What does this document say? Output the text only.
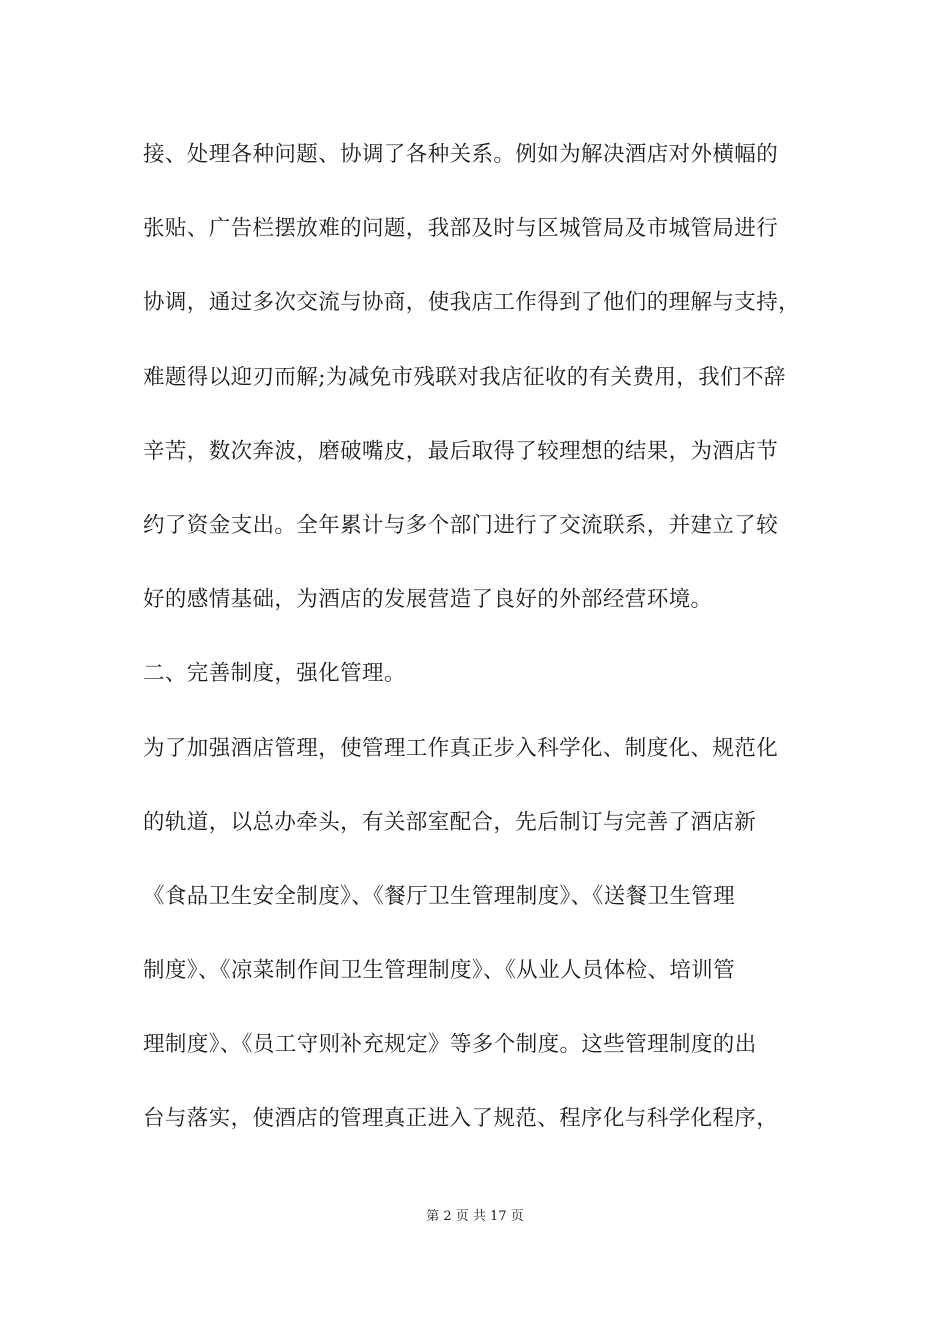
接、处理各种问题、协调了各种关系。例如为解决酒店对外横幅的
张贴、广告栏摆放难的问题，我部及时与区城管局及市城管局进行
协调，通过多次交流与协商，使我店工作得到了他们的理解与支持，
难题得以迎刃而解;为减免市残联对我店征收的有关费用，我们不辞
辛苦，数次奔波，磨破嘴皮，最后取得了较理想的结果，为酒店节
约了资金支出。全年累计与多个部门进行了交流联系，并建立了较
好的感情基础，为酒店的发展营造了良好的外部经营环境。
二、完善制度，强化管理。
为了加强酒店管理，使管理工作真正步入科学化、制度化、规范化
的轨道，以总办牵头，有关部室配合，先后制订与完善了酒店新
《食品卫生安全制度》、《餐厅卫生管理制度》、《送餐卫生管理
制度》、《凉菜制作间卫生管理制度》、《从业人员体检、培训管
理制度》、《员工守则补充规定》等多个制度。这些管理制度的出
台与落实，使酒店的管理真正进入了规范、程序化与科学化程序，
第 2 页 共 17 页
